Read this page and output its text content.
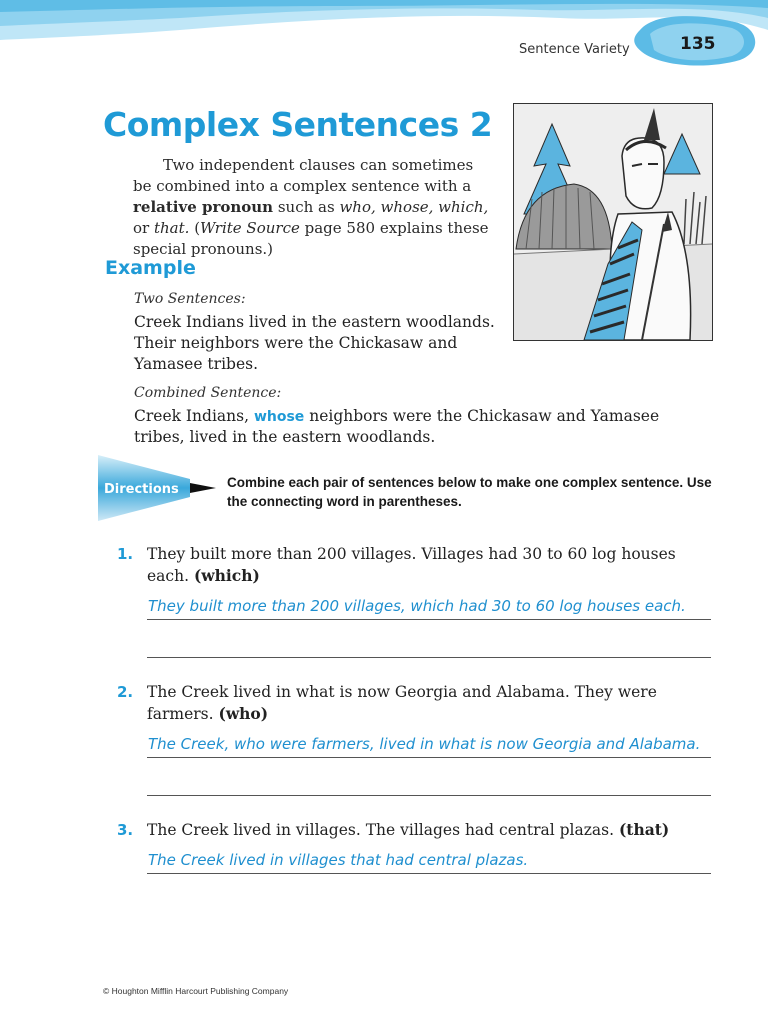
Sentence Variety	135
Complex Sentences 2
  Two independent clauses can sometimes be combined into a complex sentence with a relative pronoun such as who, whose, which, or that. (Write Source page 580 explains these special pronouns.)
Example
Two Sentences:
Creek Indians lived in the eastern woodlands.
Their neighbors were the Chickasaw and
Yamasee tribes.
Combined Sentence:
Creek Indians, whose neighbors were the Chickasaw and Yamasee
tribes, lived in the eastern woodlands.
Directions	Combine each pair of sentences below to make one complex sentence. Use the connecting word in parentheses.
1. They built more than 200 villages. Villages had 30 to 60 log houses
each. (which)
They built more than 200 villages, which had 30 to 60 log houses each.
2. The Creek lived in what is now Georgia and Alabama. They were
farmers. (who)
The Creek, who were farmers, lived in what is now Georgia and Alabama.
3. The Creek lived in villages. The villages had central plazas. (that)
The Creek lived in villages that had central plazas.
© Houghton Mifflin Harcourt Publishing Company
